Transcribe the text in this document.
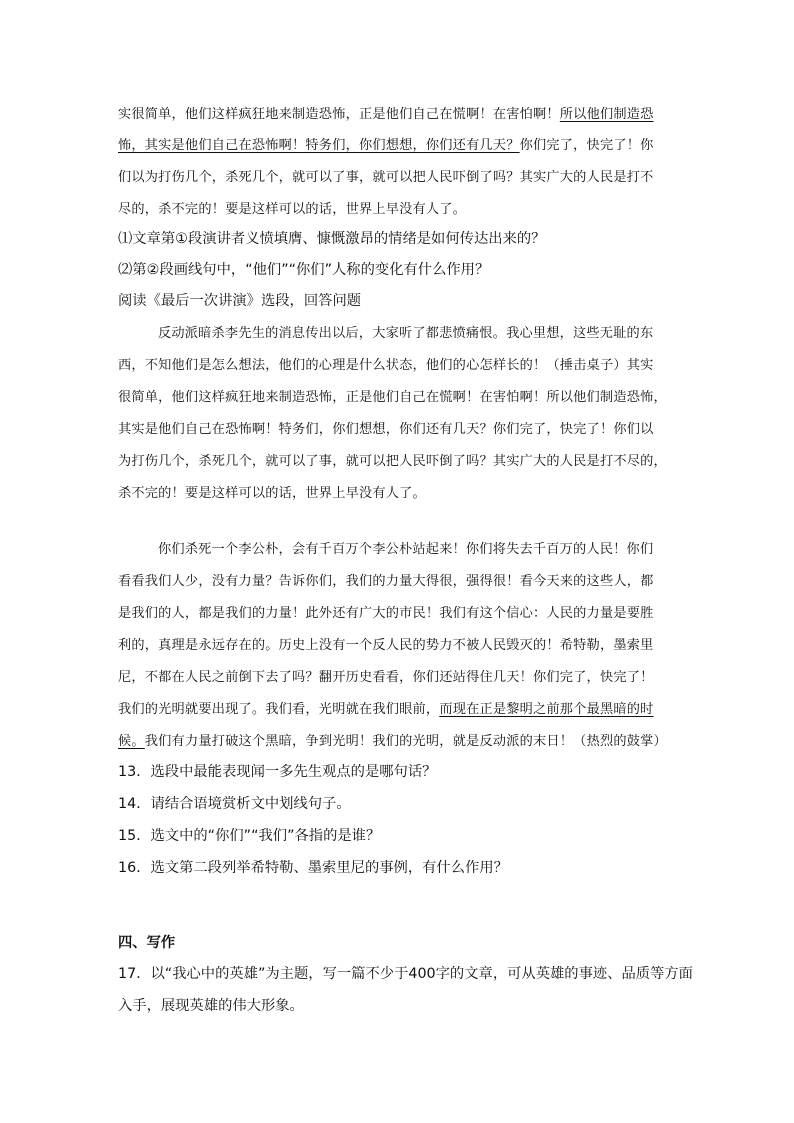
实很简单，他们这样疯狂地来制造恐怖，正是他们自己在慌啊！在害怕啊！所以他们制造恐
怖，其实是他们自己在恐怖啊！特务们，你们想想，你们还有几天？你们完了，快完了！你
们以为打伤几个，杀死几个，就可以了事，就可以把人民吓倒了吗？其实广大的人民是打不
尽的，杀不完的！要是这样可以的话，世界上早没有人了。
⑴文章第①段演讲者义愤填膺、慷慨激昂的情绪是如何传达出来的？
⑵第②段画线句中，“他们”“你们”人称的变化有什么作用？
阅读《最后一次讲演》选段，回答问题
反动派暗杀李先生的消息传出以后，大家听了都悲愤痛恨。我心里想，这些无耻的东
西，不知他们是怎么想法，他们的心理是什么状态，他们的心怎样长的！（捶击桌子）其实
很简单，他们这样疯狂地来制造恐怖，正是他们自己在慌啊！在害怕啊！所以他们制造恐怖，
其实是他们自己在恐怖啊！特务们，你们想想，你们还有几天？你们完了，快完了！你们以
为打伤几个，杀死几个，就可以了事，就可以把人民吓倒了吗？其实广大的人民是打不尽的，
杀不完的！要是这样可以的话，世界上早没有人了。
你们杀死一个李公朴，会有千百万个李公朴站起来！你们将失去千百万的人民！你们
看看我们人少，没有力量？告诉你们，我们的力量大得很，强得很！看今天来的这些人，都
是我们的人，都是我们的力量！此外还有广大的市民！我们有这个信心：人民的力量是要胜
利的，真理是永远存在的。历史上没有一个反人民的势力不被人民毁灭的！希特勒，墨索里
尼，不都在人民之前倒下去了吗？翻开历史看看，你们还站得住几天！你们完了，快完了！
我们的光明就要出现了。我们看，光明就在我们眼前，而现在正是黎明之前那个最黑暗的时
候。我们有力量打破这个黑暗，争到光明！我们的光明，就是反动派的末日！（热烈的鼓掌）
13．选段中最能表现闻一多先生观点的是哪句话？
14．请结合语境赏析文中划线句子。
15．选文中的“你们”“我们”各指的是谁？
16．选文第二段列举希特勒、墨索里尼的事例，有什么作用？
四、写作
17．以“我心中的英雄”为主题，写一篇不少于400字的文章，可从英雄的事迹、品质等方面
入手，展现英雄的伟大形象。
